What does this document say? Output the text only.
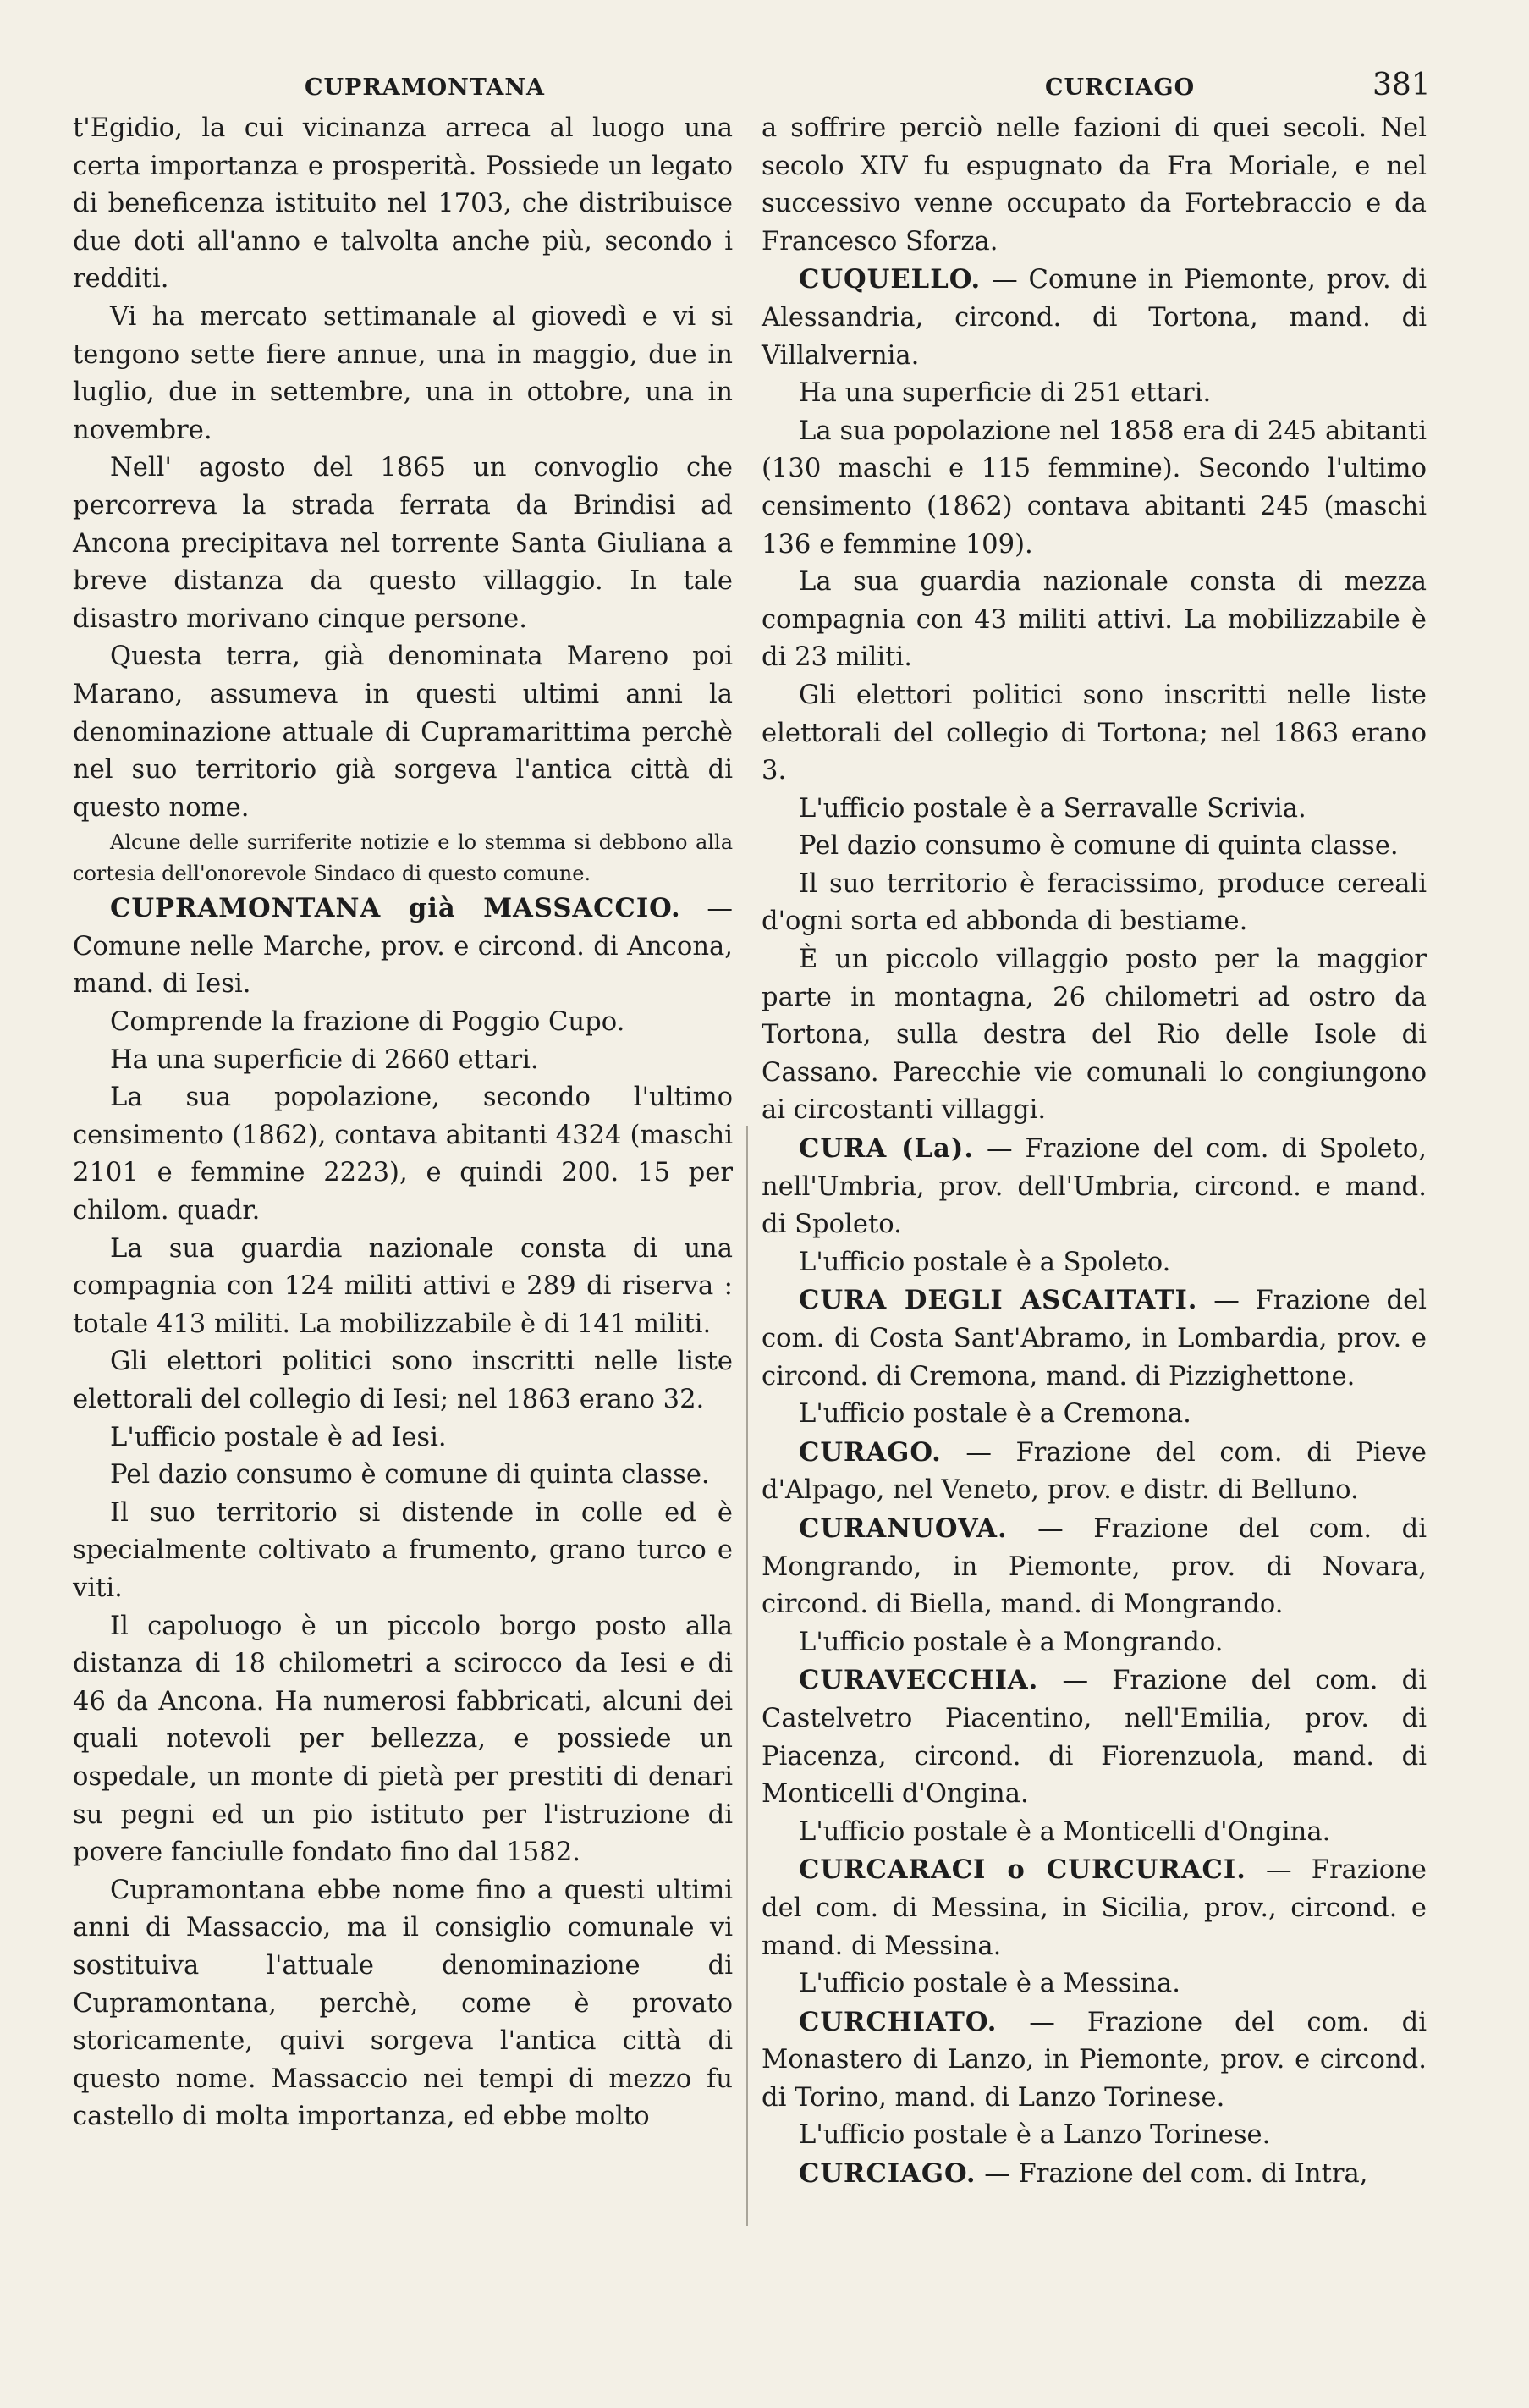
CUPRAMONTANA	CURCIAGO	381

t'Egidio, la cui vicinanza arreca al luogo una certa importanza e prosperità. Possiede un legato di beneficenza istituito nel 1703, che distribuisce due doti all'anno e talvolta anche più, secondo i redditi.

Vi ha mercato settimanale al giovedì e vi si tengono sette fiere annue, una in maggio, due in luglio, due in settembre, una in ottobre, una in novembre.

Nell' agosto del 1865 un convoglio che percorreva la strada ferrata da Brindisi ad Ancona precipitava nel torrente Santa Giuliana a breve distanza da questo villaggio. In tale disastro morivano cinque persone.

Questa terra, già denominata Mareno poi Marano, assumeva in questi ultimi anni la denominazione attuale di Cupramarittima perchè nel suo territorio già sorgeva l'antica città di questo nome.

Alcune delle surriferite notizie e lo stemma si debbono alla cortesia dell'onorevole Sindaco di questo comune.

CUPRAMONTANA già MASSACCIO. — Comune nelle Marche, prov. e circond. di Ancona, mand. di Iesi.

Comprende la frazione di Poggio Cupo.

Ha una superficie di 2660 ettari.

La sua popolazione, secondo l'ultimo censimento (1862), contava abitanti 4324 (maschi 2101 e femmine 2223), e quindi 200. 15 per chilom. quadr.

La sua guardia nazionale consta di una compagnia con 124 militi attivi e 289 di riserva : totale 413 militi. La mobilizzabile è di 141 militi.

Gli elettori politici sono inscritti nelle liste elettorali del collegio di Iesi; nel 1863 erano 32.

L'ufficio postale è ad Iesi.

Pel dazio consumo è comune di quinta classe.

Il suo territorio si distende in colle ed è specialmente coltivato a frumento, grano turco e viti.

Il capoluogo è un piccolo borgo posto alla distanza di 18 chilometri a scirocco da Iesi e di 46 da Ancona. Ha numerosi fabbricati, alcuni dei quali notevoli per bellezza, e possiede un ospedale, un monte di pietà per prestiti di denari su pegni ed un pio istituto per l'istruzione di povere fanciulle fondato fino dal 1582.

Cupramontana ebbe nome fino a questi ultimi anni di Massaccio, ma il consiglio comunale vi sostituiva l'attuale denominazione di Cupramontana, perchè, come è provato storicamente, quivi sorgeva l'antica città di questo nome. Massaccio nei tempi di mezzo fu castello di molta importanza, ed ebbe molto

a soffrire perciò nelle fazioni di quei secoli. Nel secolo XIV fu espugnato da Fra Moriale, e nel successivo venne occupato da Fortebraccio e da Francesco Sforza.

CUQUELLO. — Comune in Piemonte, prov. di Alessandria, circond. di Tortona, mand. di Villalvernia.

Ha una superficie di 251 ettari.

La sua popolazione nel 1858 era di 245 abitanti (130 maschi e 115 femmine). Secondo l'ultimo censimento (1862) contava abitanti 245 (maschi 136 e femmine 109).

La sua guardia nazionale consta di mezza compagnia con 43 militi attivi. La mobilizzabile è di 23 militi.

Gli elettori politici sono inscritti nelle liste elettorali del collegio di Tortona; nel 1863 erano 3.

L'ufficio postale è a Serravalle Scrivia.

Pel dazio consumo è comune di quinta classe.

Il suo territorio è feracissimo, produce cereali d'ogni sorta ed abbonda di bestiame.

È un piccolo villaggio posto per la maggior parte in montagna, 26 chilometri ad ostro da Tortona, sulla destra del Rio delle Isole di Cassano. Parecchie vie comunali lo congiungono ai circostanti villaggi.

CURA (La). — Frazione del com. di Spoleto, nell'Umbria, prov. dell'Umbria, circond. e mand. di Spoleto.

L'ufficio postale è a Spoleto.

CURA DEGLI ASCAITATI. — Frazione del com. di Costa Sant'Abramo, in Lombardia, prov. e circond. di Cremona, mand. di Pizzighettone.

L'ufficio postale è a Cremona.

CURAGO. — Frazione del com. di Pieve d'Alpago, nel Veneto, prov. e distr. di Belluno.

CURANUOVA. — Frazione del com. di Mongrando, in Piemonte, prov. di Novara, circond. di Biella, mand. di Mongrando.

L'ufficio postale è a Mongrando.

CURAVECCHIA. — Frazione del com. di Castelvetro Piacentino, nell'Emilia, prov. di Piacenza, circond. di Fiorenzuola, mand. di Monticelli d'Ongina.

L'ufficio postale è a Monticelli d'Ongina.

CURCARACI o CURCURACI. — Frazione del com. di Messina, in Sicilia, prov., circond. e mand. di Messina.

L'ufficio postale è a Messina.

CURCHIATO. — Frazione del com. di Monastero di Lanzo, in Piemonte, prov. e circond. di Torino, mand. di Lanzo Torinese.

L'ufficio postale è a Lanzo Torinese.

CURCIAGO. — Frazione del com. di Intra,
